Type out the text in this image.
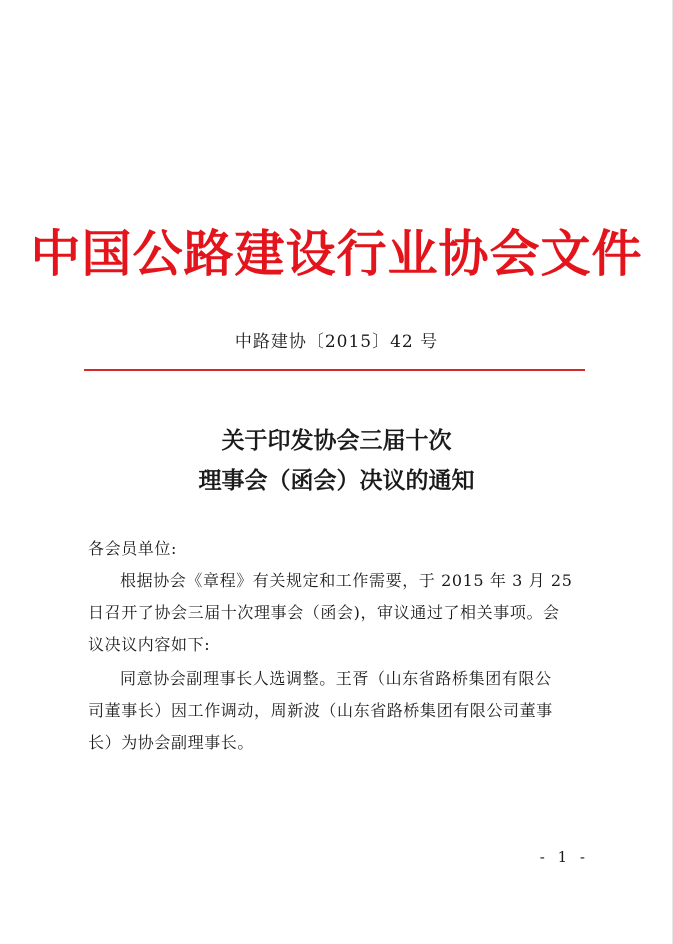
中国公路建设行业协会文件
中路建协〔2015〕42 号
关于印发协会三届十次
理事会（函会）决议的通知
各会员单位:
根据协会《章程》有关规定和工作需要，于 2015 年 3 月 25
日召开了协会三届十次理事会（函会)，审议通过了相关事项。会
议决议内容如下:
同意协会副理事长人选调整。王胥（山东省路桥集团有限公
司董事长）因工作调动，周新波（山东省路桥集团有限公司董事
长）为协会副理事长。
- 1 -
